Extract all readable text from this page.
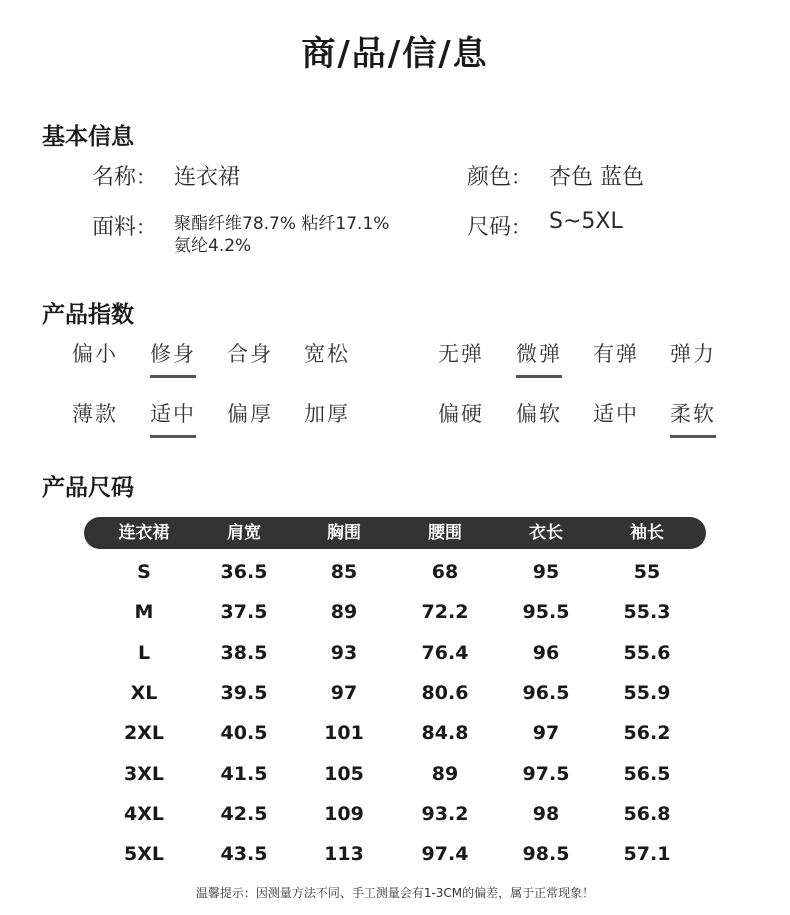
商/品/信/息
基本信息
名称： 连衣裙	颜色： 杏色 蓝色
面料： 聚酯纤维78.7% 粘纤17.1%
氨纶4.2%
尺码： S~5XL
产品指数
偏小 修身 合身 宽松	无弹 微弹 有弹 弹力
薄款 适中 偏厚 加厚	偏硬 偏软 适中 柔软
产品尺码
连衣裙	肩宽	胸围	腰围	衣长	袖长
S	36.5	85	68	95	55
M	37.5	89	72.2	95.5	55.3
L	38.5	93	76.4	96	55.6
XL	39.5	97	80.6	96.5	55.9
2XL	40.5	101	84.8	97	56.2
3XL	41.5	105	89	97.5	56.5
4XL	42.5	109	93.2	98	56.8
5XL	43.5	113	97.4	98.5	57.1
温馨提示：因测量方法不同、手工测量会有1-3CM的偏差，属于正常现象！
